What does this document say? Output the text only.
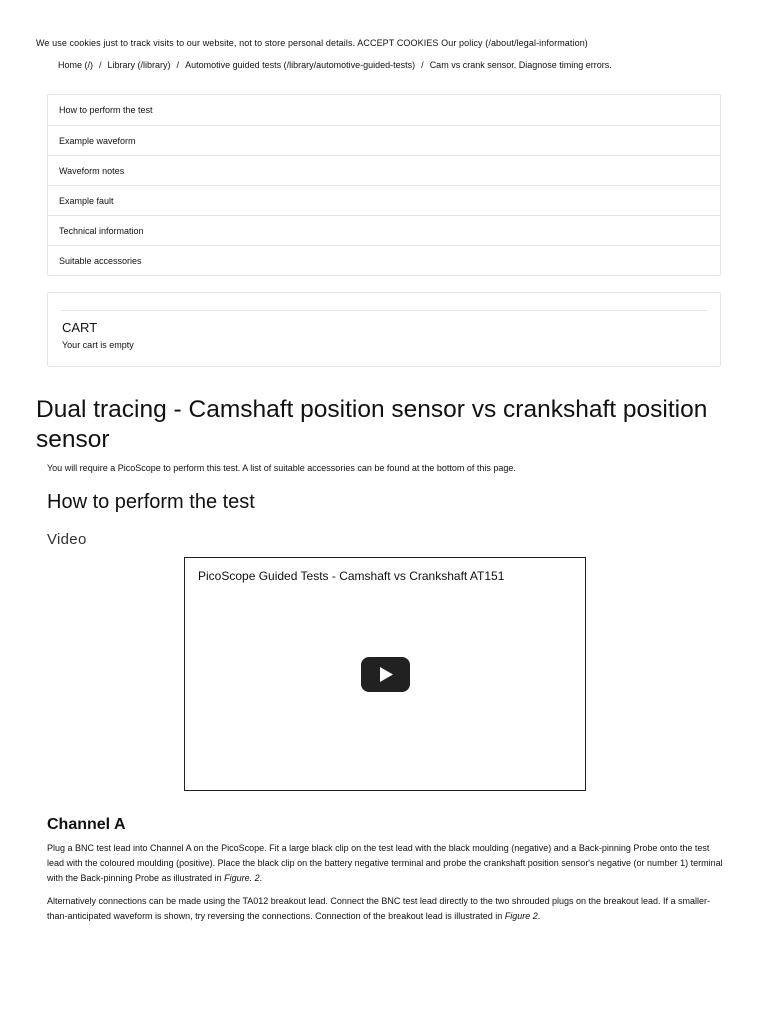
We use cookies just to track visits to our website, not to store personal details. ACCEPT COOKIES Our policy (/about/legal-information)
Home (/) / Library (/library) / Automotive guided tests (/library/automotive-guided-tests) / Cam vs crank sensor. Diagnose timing errors.
How to perform the test
Example waveform
Waveform notes
Example fault
Technical information
Suitable accessories
CART
Your cart is empty
Dual tracing - Camshaft position sensor vs crankshaft position sensor
You will require a PicoScope to perform this test. A list of suitable accessories can be found at the bottom of this page.
How to perform the test
Video
PicoScope Guided Tests - Camshaft vs Crankshaft AT151
Channel A

Plug a BNC test lead into Channel A on the PicoScope. Fit a large black clip on the test lead with the black moulding (negative) and a Back-pinning Probe onto the test lead with the coloured moulding (positive). Place the black clip on the battery negative terminal and probe the crankshaft position sensor's negative (or number 1) terminal with the Back-pinning Probe as illustrated in Figure. 2.

Alternatively connections can be made using the TA012 breakout lead. Connect the BNC test lead directly to the two shrouded plugs on the breakout lead. If a smaller-than-anticipated waveform is shown, try reversing the connections. Connection of the breakout lead is illustrated in Figure 2.
